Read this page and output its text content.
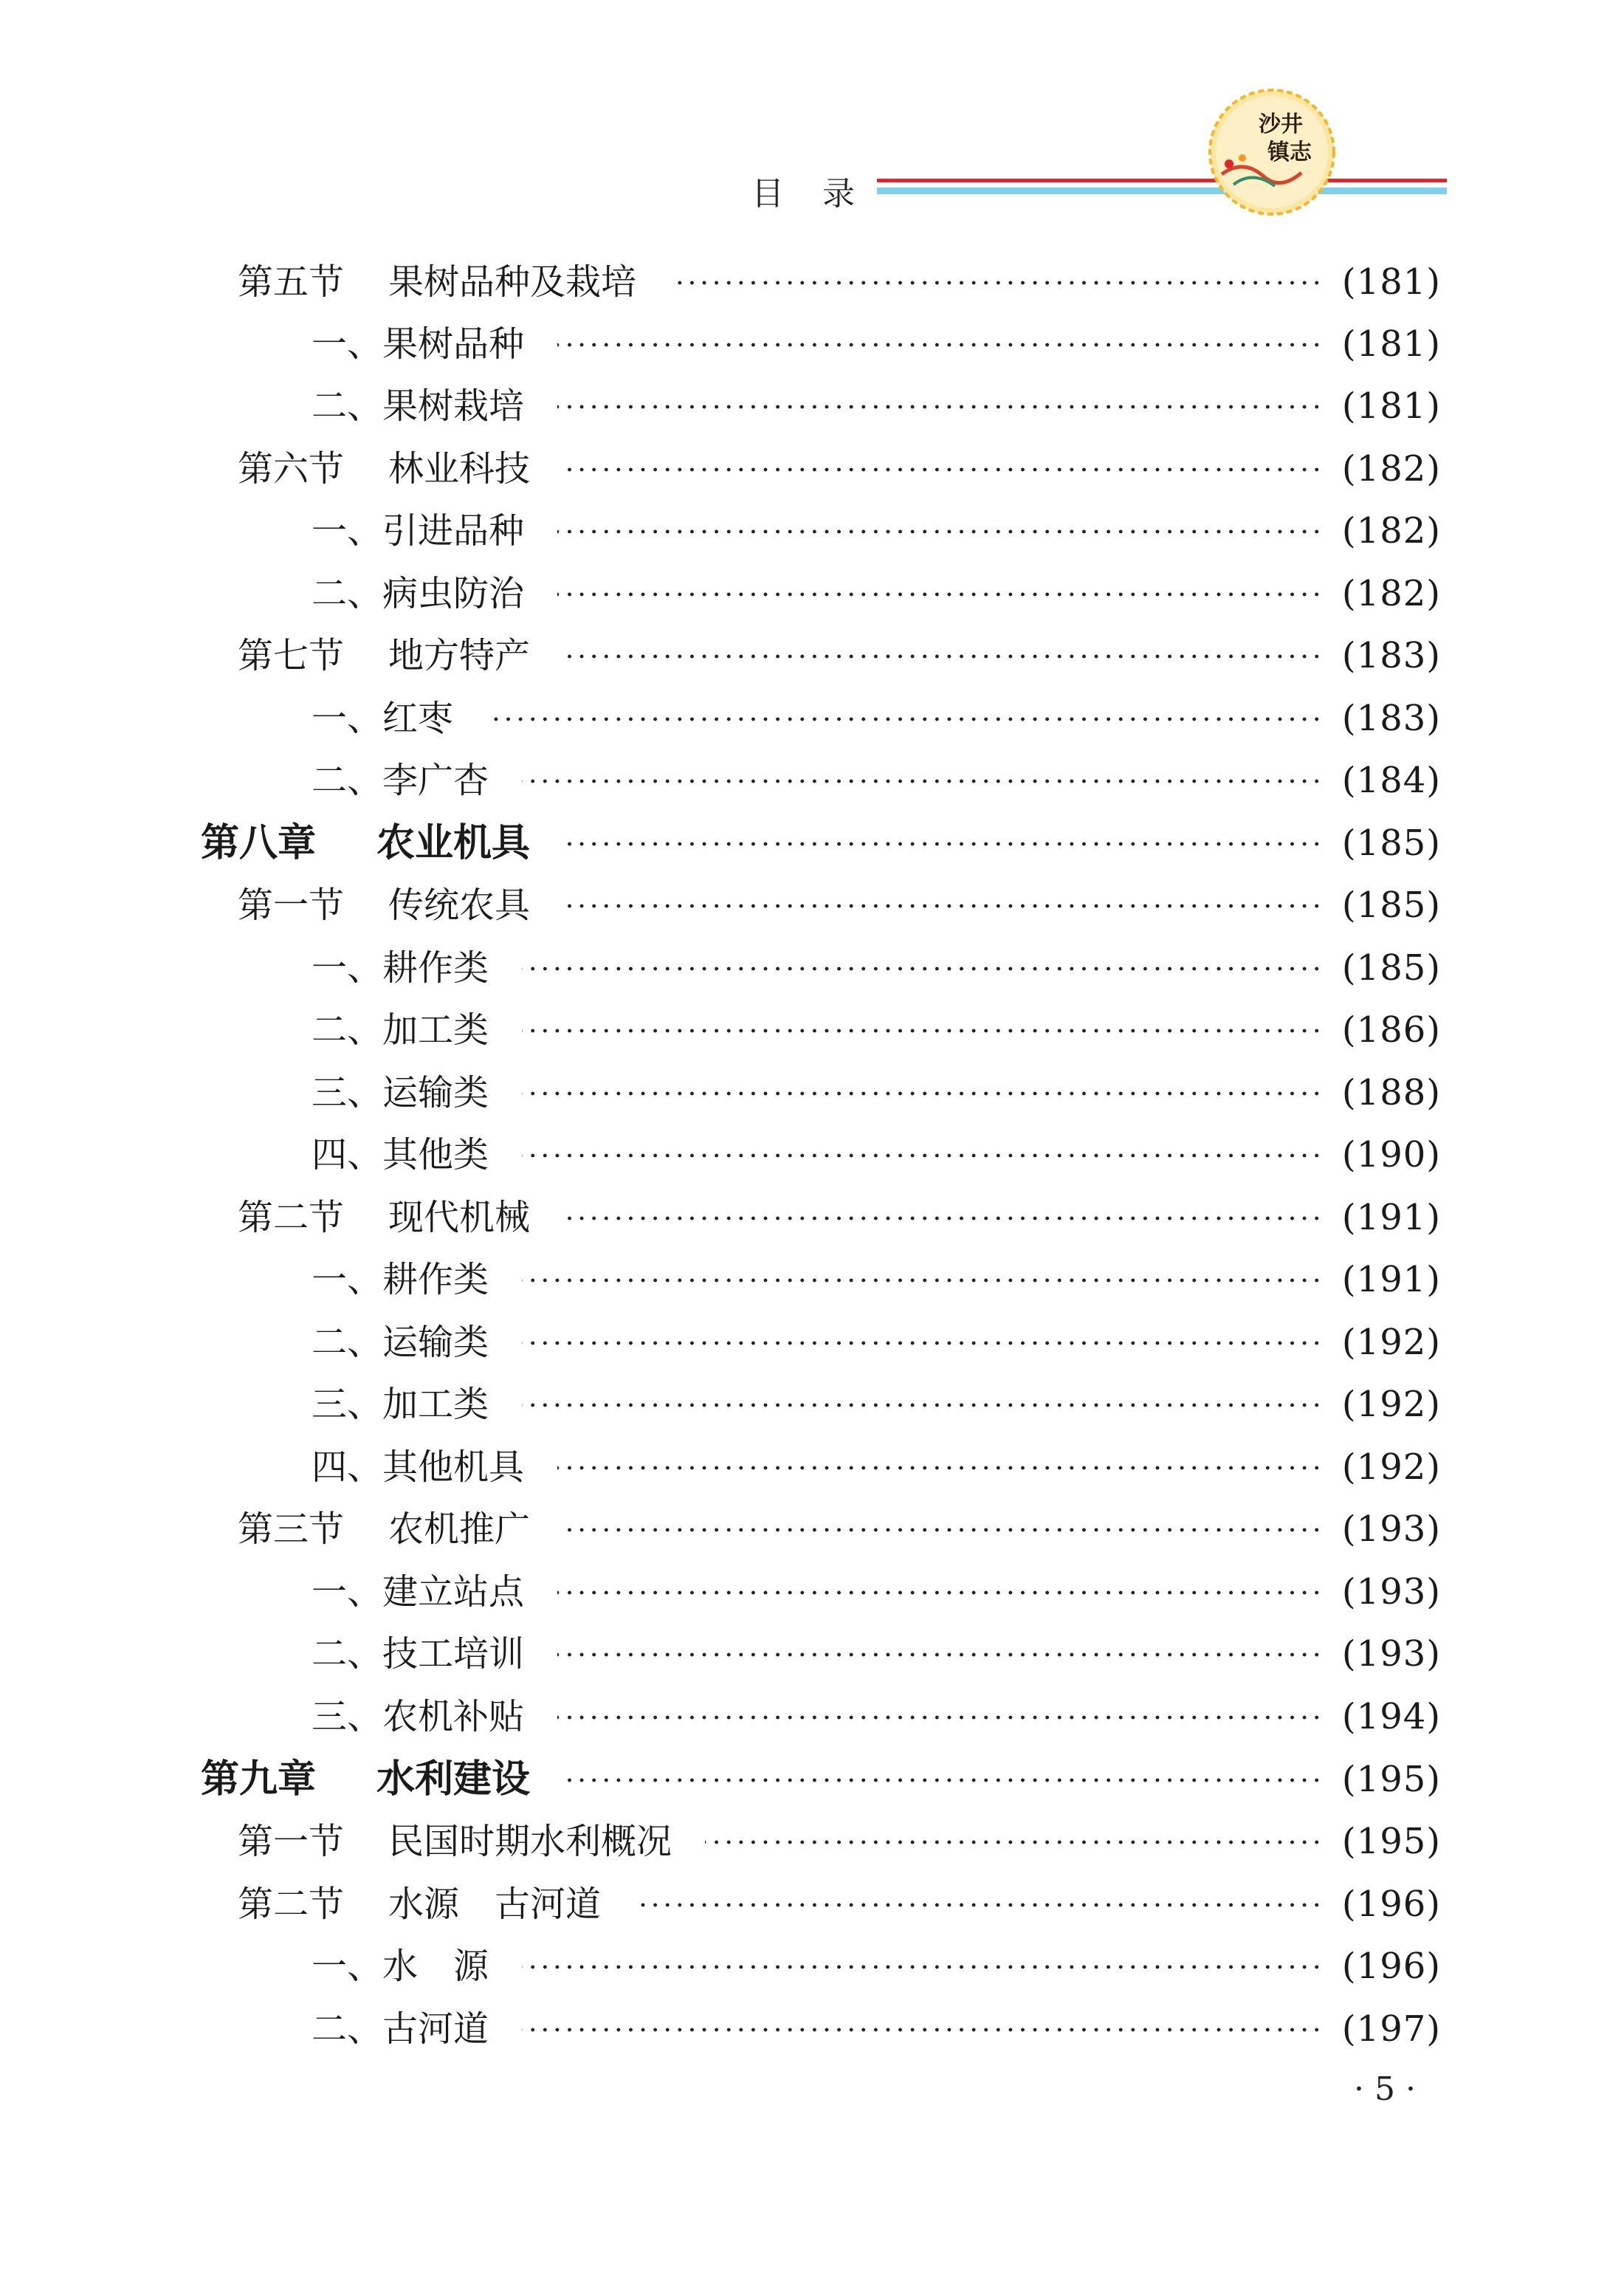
目 录
沙井
镇志
第五节 果树品种及栽培	(181)
一、果树品种	(181)
二、果树栽培	(181)
第六节 林业科技	(182)
一、引进品种	(182)
二、病虫防治	(182)
第七节 地方特产	(183)
一、红枣	(183)
二、李广杏	(184)
第八章 农业机具	(185)
第一节 传统农具	(185)
一、耕作类	(185)
二、加工类	(186)
三、运输类	(188)
四、其他类	(190)
第二节 现代机械	(191)
一、耕作类	(191)
二、运输类	(192)
三、加工类	(192)
四、其他机具	(192)
第三节 农机推广	(193)
一、建立站点	(193)
二、技工培训	(193)
三、农机补贴	(194)
第九章 水利建设	(195)
第一节 民国时期水利概况	(195)
第二节 水源　古河道	(196)
一、水　源	(196)
二、古河道	(197)
· 5 ·
